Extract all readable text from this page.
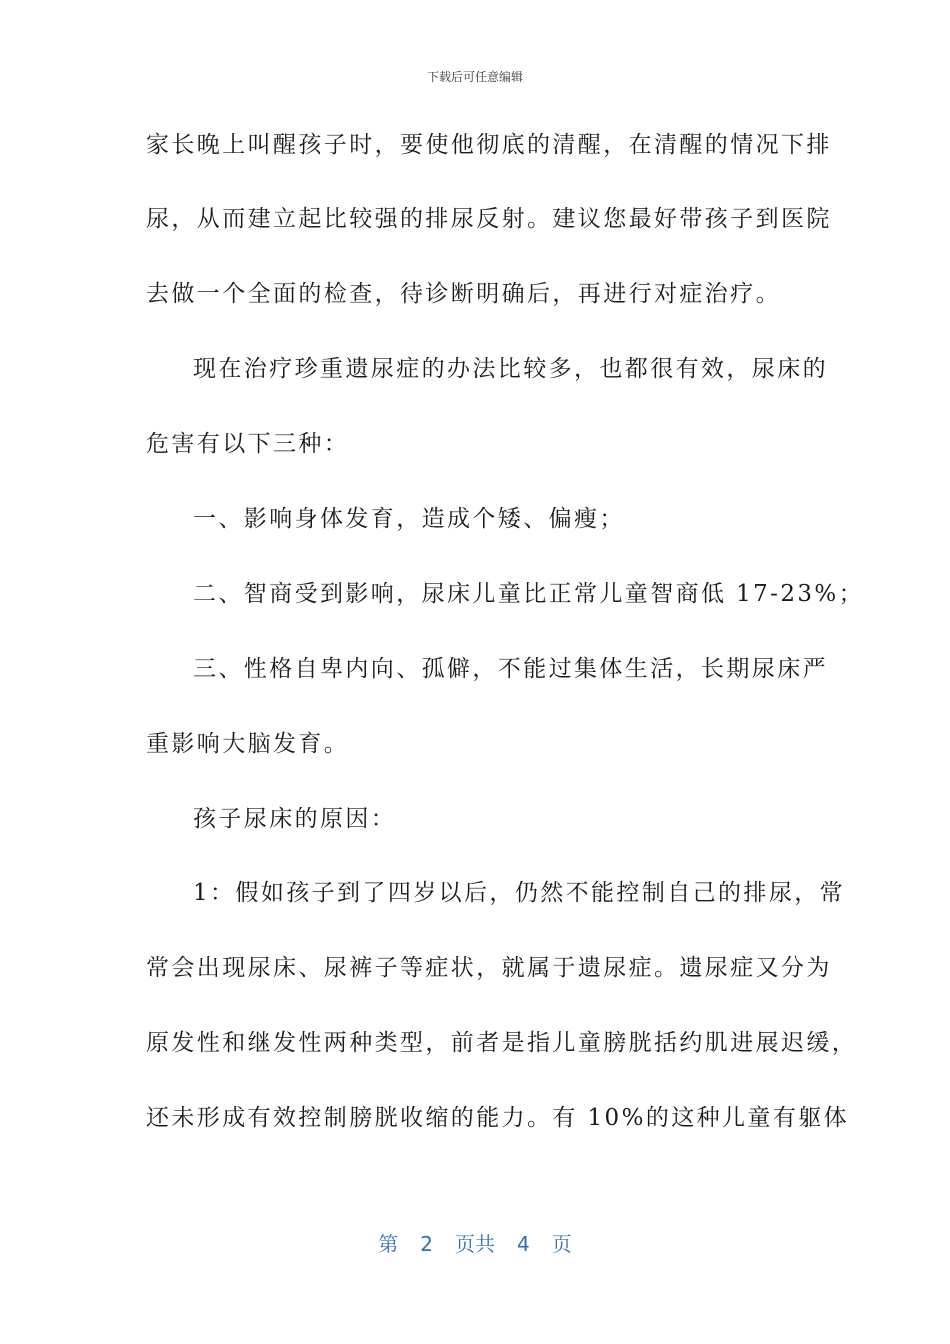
下载后可任意编辑
家长晚上叫醒孩子时，要使他彻底的清醒，在清醒的情况下排
尿，从而建立起比较强的排尿反射。建议您最好带孩子到医院
去做一个全面的检查，待诊断明确后，再进行对症治疗。
现在治疗珍重遗尿症的办法比较多，也都很有效，尿床的
危害有以下三种：
一、影响身体发育，造成个矮、偏瘦；
二、智商受到影响，尿床儿童比正常儿童智商低 17-23%；
三、性格自卑内向、孤僻，不能过集体生活，长期尿床严
重影响大脑发育。
孩子尿床的原因：
1：假如孩子到了四岁以后，仍然不能控制自己的排尿，常
常会出现尿床、尿裤子等症状，就属于遗尿症。遗尿症又分为
原发性和继发性两种类型，前者是指儿童膀胱括约肌进展迟缓，
还未形成有效控制膀胱收缩的能力。有 10%的这种儿童有躯体
第 2 页共 4 页
